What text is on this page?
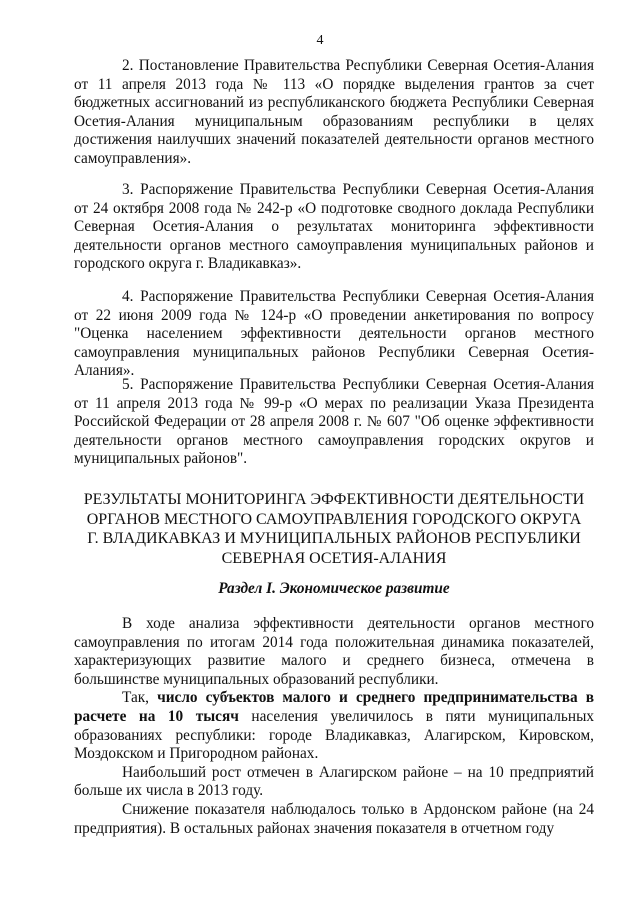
4

2. Постановление Правительства Республики Северная Осетия-Алания от 11 апреля 2013 года № 113 «О порядке выделения грантов за счет бюджетных ассигнований из республиканского бюджета Республики Северная Осетия-Алания муниципальным образованиям республики в целях достижения наилучших значений показателей деятельности органов местного самоуправления».

3. Распоряжение Правительства Республики Северная Осетия-Алания от 24 октября 2008 года № 242-р «О подготовке сводного доклада Республики Северная Осетия-Алания о результатах мониторинга эффективности деятельности органов местного самоуправления муниципальных районов и городского округа г. Владикавказ».

4. Распоряжение Правительства Республики Северная Осетия-Алания от 22 июня 2009 года № 124-р «О проведении анкетирования по вопросу "Оценка населением эффективности деятельности органов местного самоуправления муниципальных районов Республики Северная Осетия-Алания».

5. Распоряжение Правительства Республики Северная Осетия-Алания от 11 апреля 2013 года № 99-р «О мерах по реализации Указа Президента Российской Федерации от 28 апреля 2008 г. № 607 "Об оценке эффективности деятельности органов местного самоуправления городских округов и муниципальных районов".

РЕЗУЛЬТАТЫ МОНИТОРИНГА ЭФФЕКТИВНОСТИ ДЕЯТЕЛЬНОСТИ
ОРГАНОВ МЕСТНОГО САМОУПРАВЛЕНИЯ ГОРОДСКОГО ОКРУГА
Г. ВЛАДИКАВКАЗ И МУНИЦИПАЛЬНЫХ РАЙОНОВ РЕСПУБЛИКИ
СЕВЕРНАЯ ОСЕТИЯ-АЛАНИЯ
Раздел I. Экономическое развитие

В ходе анализа эффективности деятельности органов местного самоуправления по итогам 2014 года положительная динамика показателей, характеризующих развитие малого и среднего бизнеса, отмечена в большинстве муниципальных образований республики.

Так, число субъектов малого и среднего предпринимательства в расчете на 10 тысяч населения увеличилось в пяти муниципальных образованиях республики: городе Владикавказ, Алагирском, Кировском, Моздокском и Пригородном районах.

Наибольший рост отмечен в Алагирском районе – на 10 предприятий больше их числа в 2013 году.

Снижение показателя наблюдалось только в Ардонском районе (на 24 предприятия). В остальных районах значения показателя в отчетном году
